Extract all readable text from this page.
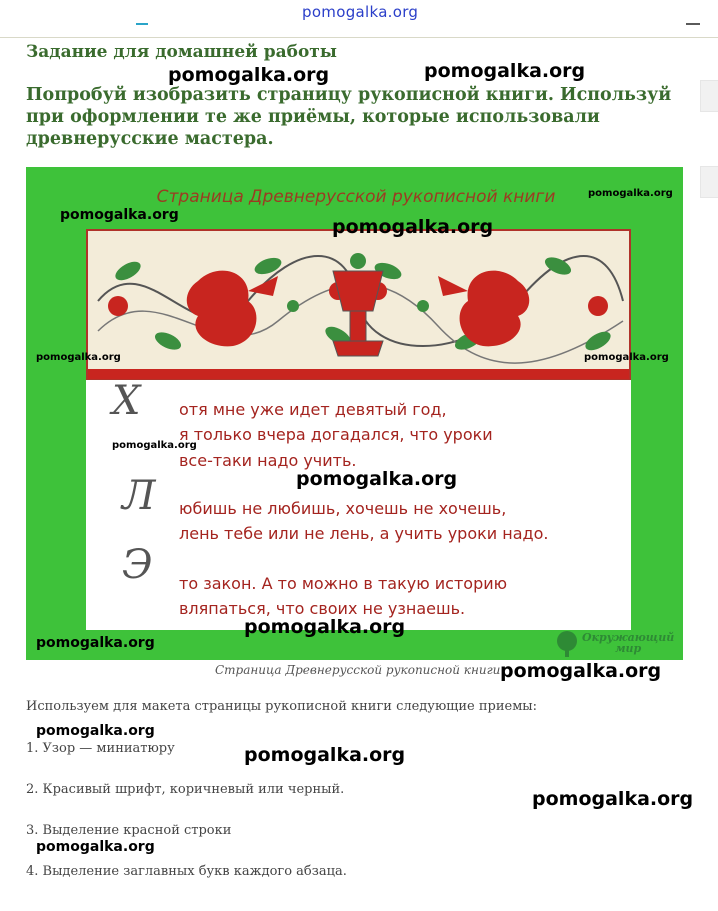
pomogalka.org
Задание для домашней работы

Попробуй изобразить страницу рукописной книги. Используй при оформлении те же приёмы, которые использовали древнерусские мастера.

Страница Древнерусской рукописной книги
Х отя мне уже идет девятый год,
я только вчера догадался, что уроки
все-таки надо учить.
Л юбишь не любишь, хочешь не хочешь,
лень тебе или не лень, а учить уроки надо.
Э то закон. А то можно в такую историю
вляпаться, что своих не узнаешь.
Окружающий
мир
Страница Древнерусской рукописной книги
Используем для макета страницы рукописной книги следующие приемы:
1. Узор — миниатюру
2. Красивый шрифт, коричневый или черный.
3. Выделение красной строки
4. Выделение заглавных букв каждого абзаца.
pomogalka.org	pomogalka.org
pomogalka.org
pomogalka.org
pomogalka.org
pomogalka.org	pomogalka.org
pomogalka.org
pomogalka.org
pomogalka.org
pomogalka.org
pomogalka.org
pomogalka.org
pomogalka.org
pomogalka.org
pomogalka.org
